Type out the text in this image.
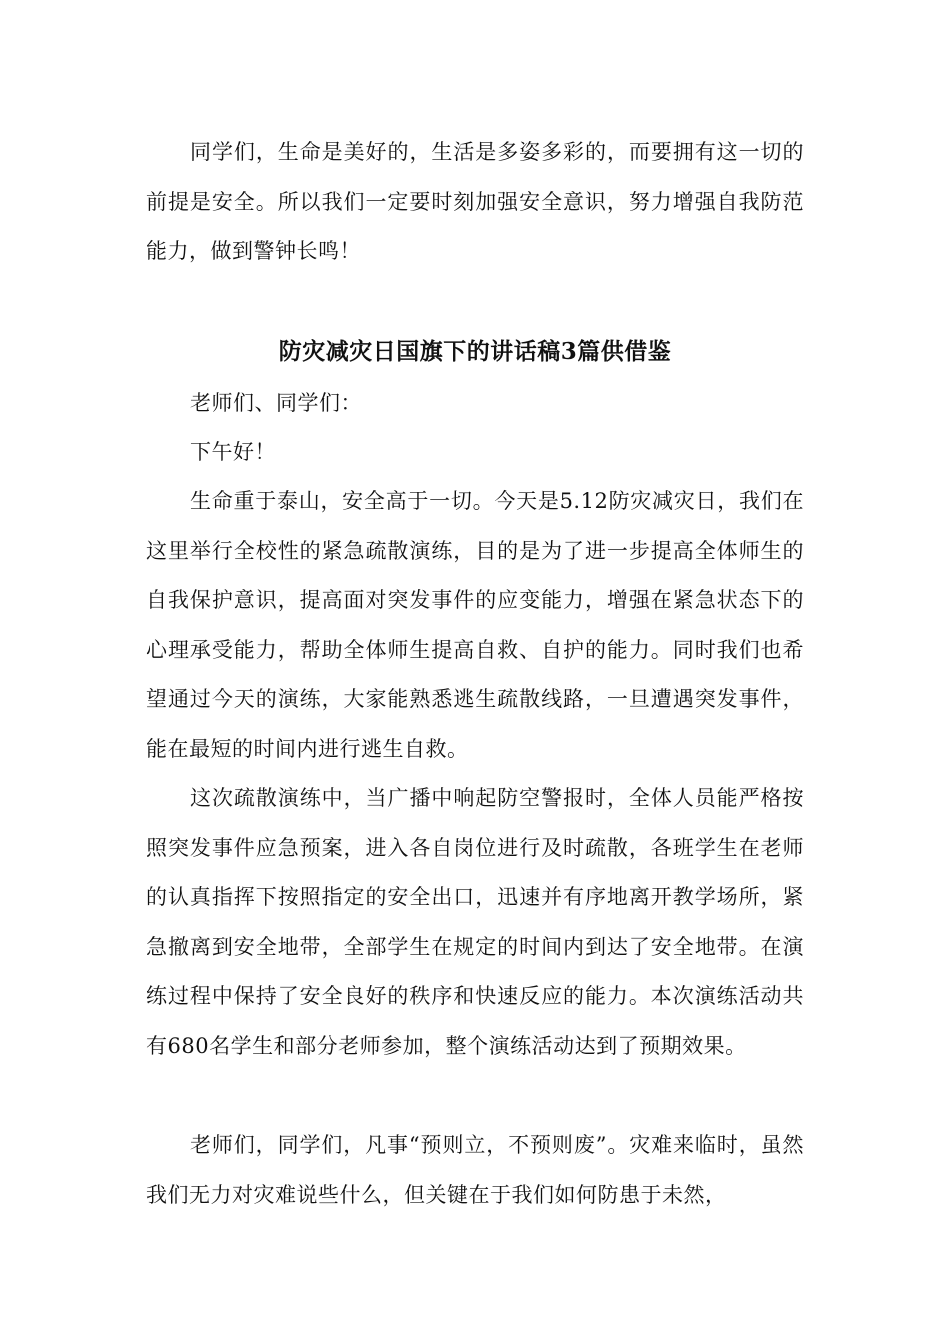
同学们，生命是美好的，生活是多姿多彩的，而要拥有这一切的前提是安全。所以我们一定要时刻加强安全意识，努力增强自我防范能力，做到警钟长鸣！

防灾减灾日国旗下的讲话稿3篇供借鉴

老师们、同学们：

下午好！

生命重于泰山，安全高于一切。今天是5.12防灾减灾日，我们在这里举行全校性的紧急疏散演练，目的是为了进一步提高全体师生的自我保护意识，提高面对突发事件的应变能力，增强在紧急状态下的心理承受能力，帮助全体师生提高自救、自护的能力。同时我们也希望通过今天的演练，大家能熟悉逃生疏散线路，一旦遭遇突发事件，能在最短的时间内进行逃生自救。

这次疏散演练中，当广播中响起防空警报时，全体人员能严格按照突发事件应急预案，进入各自岗位进行及时疏散，各班学生在老师的认真指挥下按照指定的安全出口，迅速并有序地离开教学场所，紧急撤离到安全地带，全部学生在规定的时间内到达了安全地带。在演练过程中保持了安全良好的秩序和快速反应的能力。本次演练活动共有680名学生和部分老师参加，整个演练活动达到了预期效果。

老师们，同学们，凡事“预则立，不预则废”。灾难来临时，虽然我们无力对灾难说些什么，但关键在于我们如何防患于未然，
